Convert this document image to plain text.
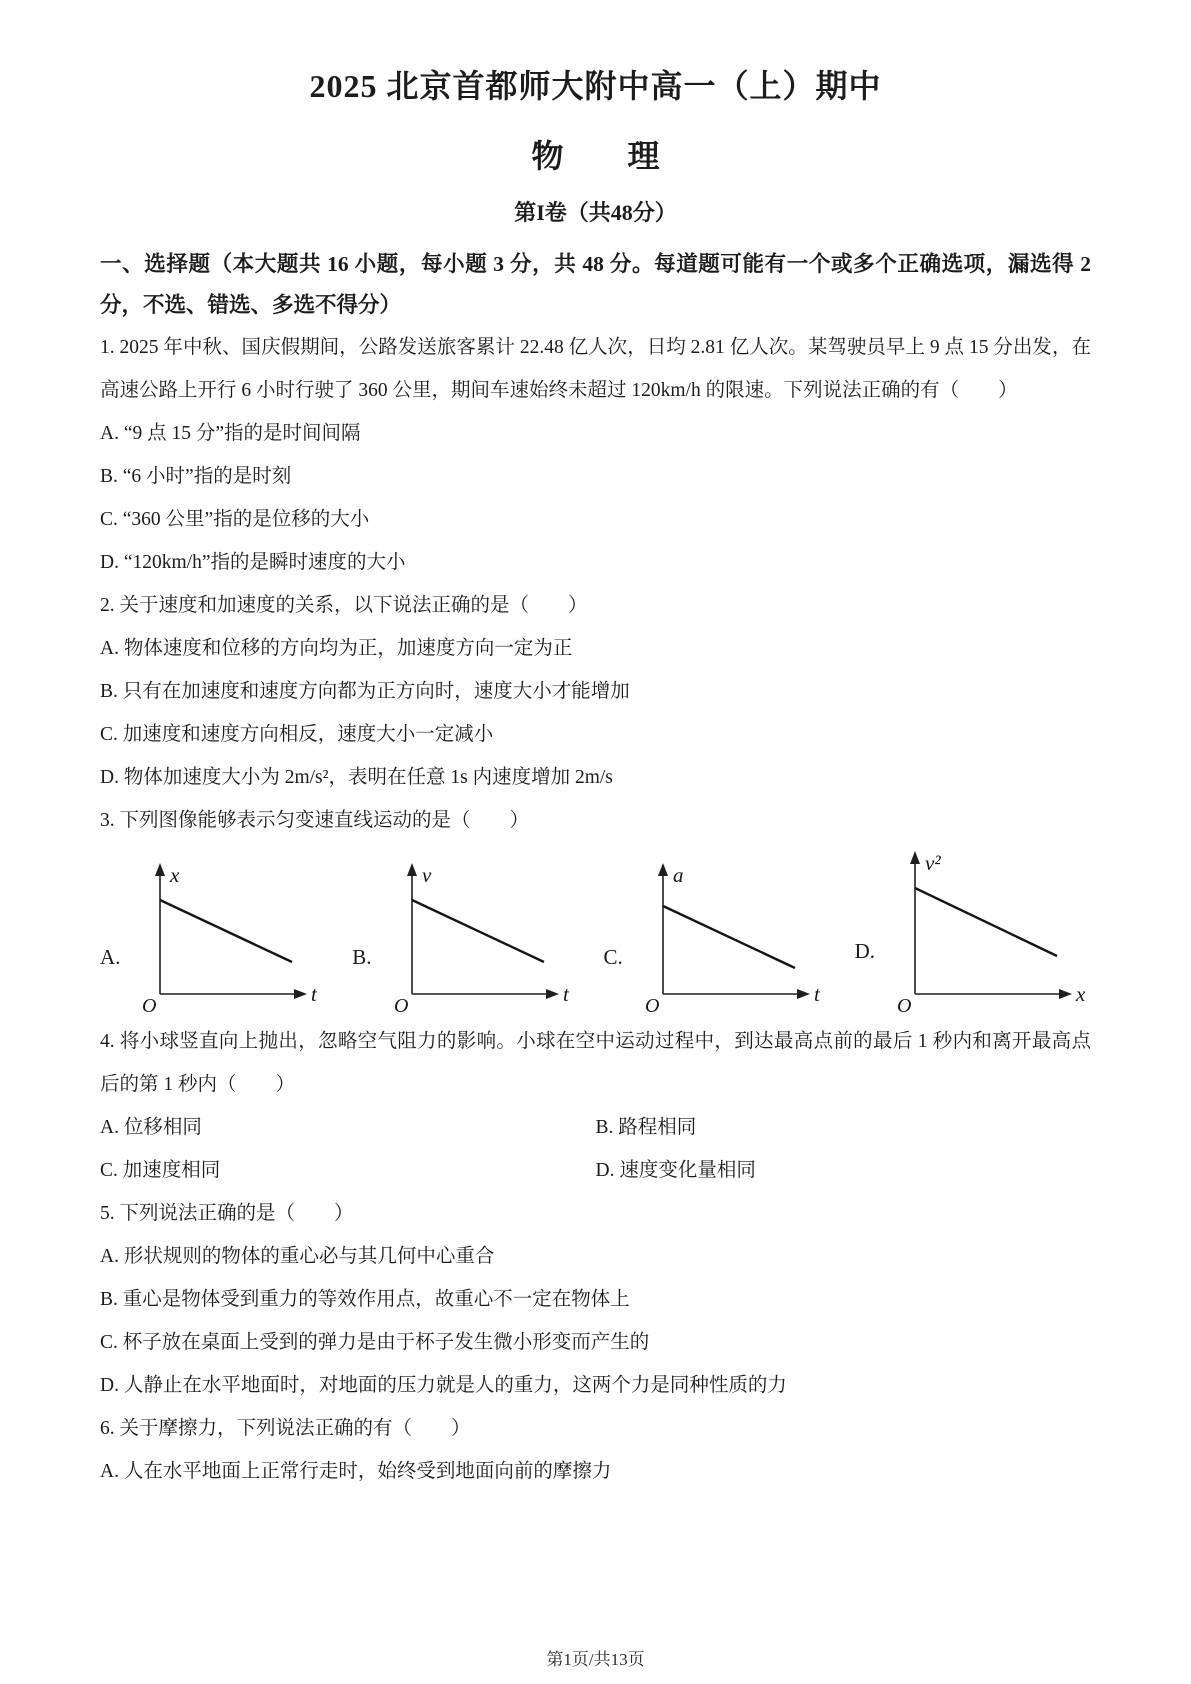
2025 北京首都师大附中高一（上）期中
物　　理
第I卷（共48分）

一、选择题（本大题共 16 小题，每小题 3 分，共 48 分。每道题可能有一个或多个正确选项，漏选得 2 分，不选、错选、多选不得分）

1. 2025 年中秋、国庆假期间，公路发送旅客累计 22.48 亿人次，日均 2.81 亿人次。某驾驶员早上 9 点 15 分出发，在高速公路上开行 6 小时行驶了 360 公里，期间车速始终未超过 120km/h 的限速。下列说法正确的有（　　）

A. “9 点 15 分”指的是时间间隔

B. “6 小时”指的是时刻

C. “360 公里”指的是位移的大小

D. “120km/h”指的是瞬时速度的大小

2. 关于速度和加速度的关系，以下说法正确的是（　　）

A. 物体速度和位移的方向均为正，加速度方向一定为正

B. 只有在加速度和速度方向都为正方向时，速度大小才能增加

C. 加速度和速度方向相反，速度大小一定减小

D. 物体加速度大小为 2m/s²，表明在任意 1s 内速度增加 2m/s

3. 下列图像能够表示匀变速直线运动的是（　　）

A.
x
t
O
B.
v
t
O
C.
a
t
O
D.
v²
x
O

4. 将小球竖直向上抛出，忽略空气阻力的影响。小球在空中运动过程中，到达最高点前的最后 1 秒内和离开最高点后的第 1 秒内（　　）

A. 位移相同	B. 路程相同

C. 加速度相同	D. 速度变化量相同

5. 下列说法正确的是（　　）

A. 形状规则的物体的重心必与其几何中心重合

B. 重心是物体受到重力的等效作用点，故重心不一定在物体上

C. 杯子放在桌面上受到的弹力是由于杯子发生微小形变而产生的

D. 人静止在水平地面时，对地面的压力就是人的重力，这两个力是同种性质的力

6. 关于摩擦力，下列说法正确的有（　　）

A. 人在水平地面上正常行走时，始终受到地面向前的摩擦力

第1页/共13页
